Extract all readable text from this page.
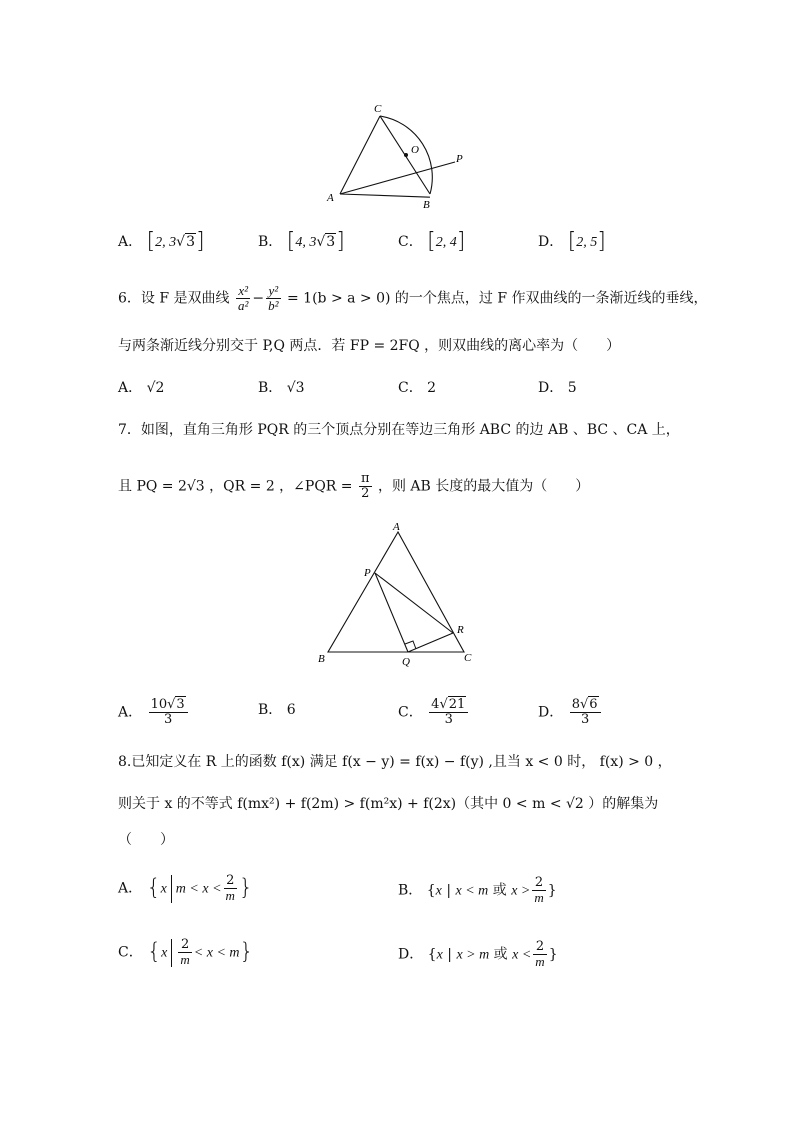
C
O
P
A
B
A． [2, 3√3]	B． [4, 3√3]	C． [2, 4]	D． [2, 5]
6．设 F 是双曲线 $\frac{\text{x²}}{\text{a²}} - \frac{\text{y²}}{\text{b²}} = 1(b > a > 0)$ 的一个焦点，过 F 作双曲线的一条渐近线的垂线，
与两条渐近线分别交于 P,Q 两点．若 FP = 2FQ ，则双曲线的离心率为（　　）
A． √2	B． √3	C． 2	D． 5
7．如图，直角三角形 PQR 的三个顶点分别在等边三角形 ABC 的边 AB 、BC 、CA 上，
且 PQ = 2√3 ，QR = 2 ，∠PQR = $\frac{\pi}{2}$ ，则 AB 长度的最大值为（　　）
A
P
R
B	Q	C
A． $\frac{10√3}{3}$	B． 6	C． $\frac{4√21}{3}$	D． $\frac{8√6}{3}$
8.已知定义在 R 上的函数 f(x) 满足 f(x − y) = f(x) − f(y) ,且当 x < 0 时， f(x) > 0 ，
则关于 x 的不等式 f(mx²) + f(2m) > f(m²x) + f(2x)（其中 0 < m < √2 ）的解集为
（　　）
A． {x $m < x < \frac{2}{m}$ }	B． {x | x < m 或 $x > \frac{2}{m}$ }
C． $\{x \frac{2}{m} < x < m\}$	D． {x | x > m 或 $x < \frac{2}{m}$ }
